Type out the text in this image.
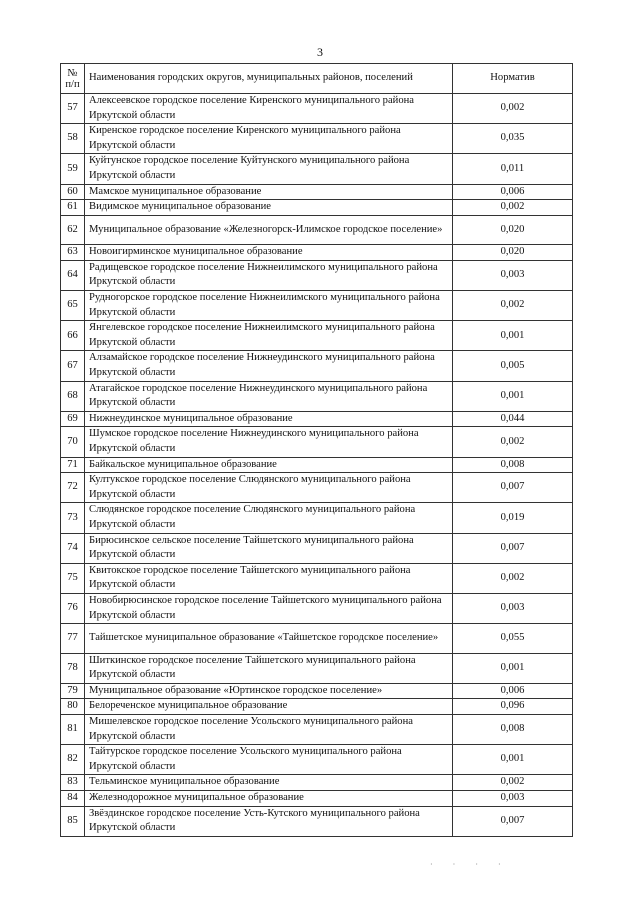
3
№ п/п	Наименования городских округов, муниципальных районов, поселений	Норматив
57	Алексеевское городское поселение Киренского муниципального района Иркутской области	0,002
58	Киренское городское поселение Киренского муниципального района Иркутской области	0,035
59	Куйтунское городское поселение Куйтунского муниципального района Иркутской области	0,011
60	Мамское муниципальное образование	0,006
61	Видимское муниципальное образование	0,002
62	Муниципальное образование «Железногорск-Илимское городское поселение»	0,020
63	Новоигирминское муниципальное образование	0,020
64	Радищевское городское поселение Нижнеилимского муниципального района Иркутской области	0,003
65	Рудногорское городское поселение Нижнеилимского муниципального района Иркутской области	0,002
66	Янгелевское городское поселение Нижнеилимского муниципального района Иркутской области	0,001
67	Алзамайское городское поселение Нижнеудинского муниципального района Иркутской области	0,005
68	Атагайское городское поселение Нижнеудинского муниципального района Иркутской области	0,001
69	Нижнеудинское муниципальное образование	0,044
70	Шумское городское поселение Нижнеудинского муниципального района Иркутской области	0,002
71	Байкальское муниципальное образование	0,008
72	Култукское городское поселение Слюдянского муниципального района Иркутской области	0,007
73	Слюдянское городское поселение Слюдянского муниципального района Иркутской области	0,019
74	Бирюсинское сельское поселение Тайшетского муниципального района Иркутской области	0,007
75	Квитокское городское поселение Тайшетского муниципального района Иркутской области	0,002
76	Новобирюсинское городское поселение Тайшетского муниципального района Иркутской области	0,003
77	Тайшетское муниципальное образование «Тайшетское городское поселение»	0,055
78	Шиткинское городское поселение Тайшетского муниципального района Иркутской области	0,001
79	Муниципальное образование «Юртинское городское поселение»	0,006
80	Белореченское муниципальное образование	0,096
81	Мишелевское городское поселение Усольского муниципального района Иркутской области	0,008
82	Тайтурское городское поселение Усольского муниципального района Иркутской области	0,001
83	Тельминское муниципальное образование	0,002
84	Железнодорожное муниципальное образование	0,003
85	Звёздинское городское поселение Усть-Кутского муниципального района Иркутской области	0,007
· · · ·
